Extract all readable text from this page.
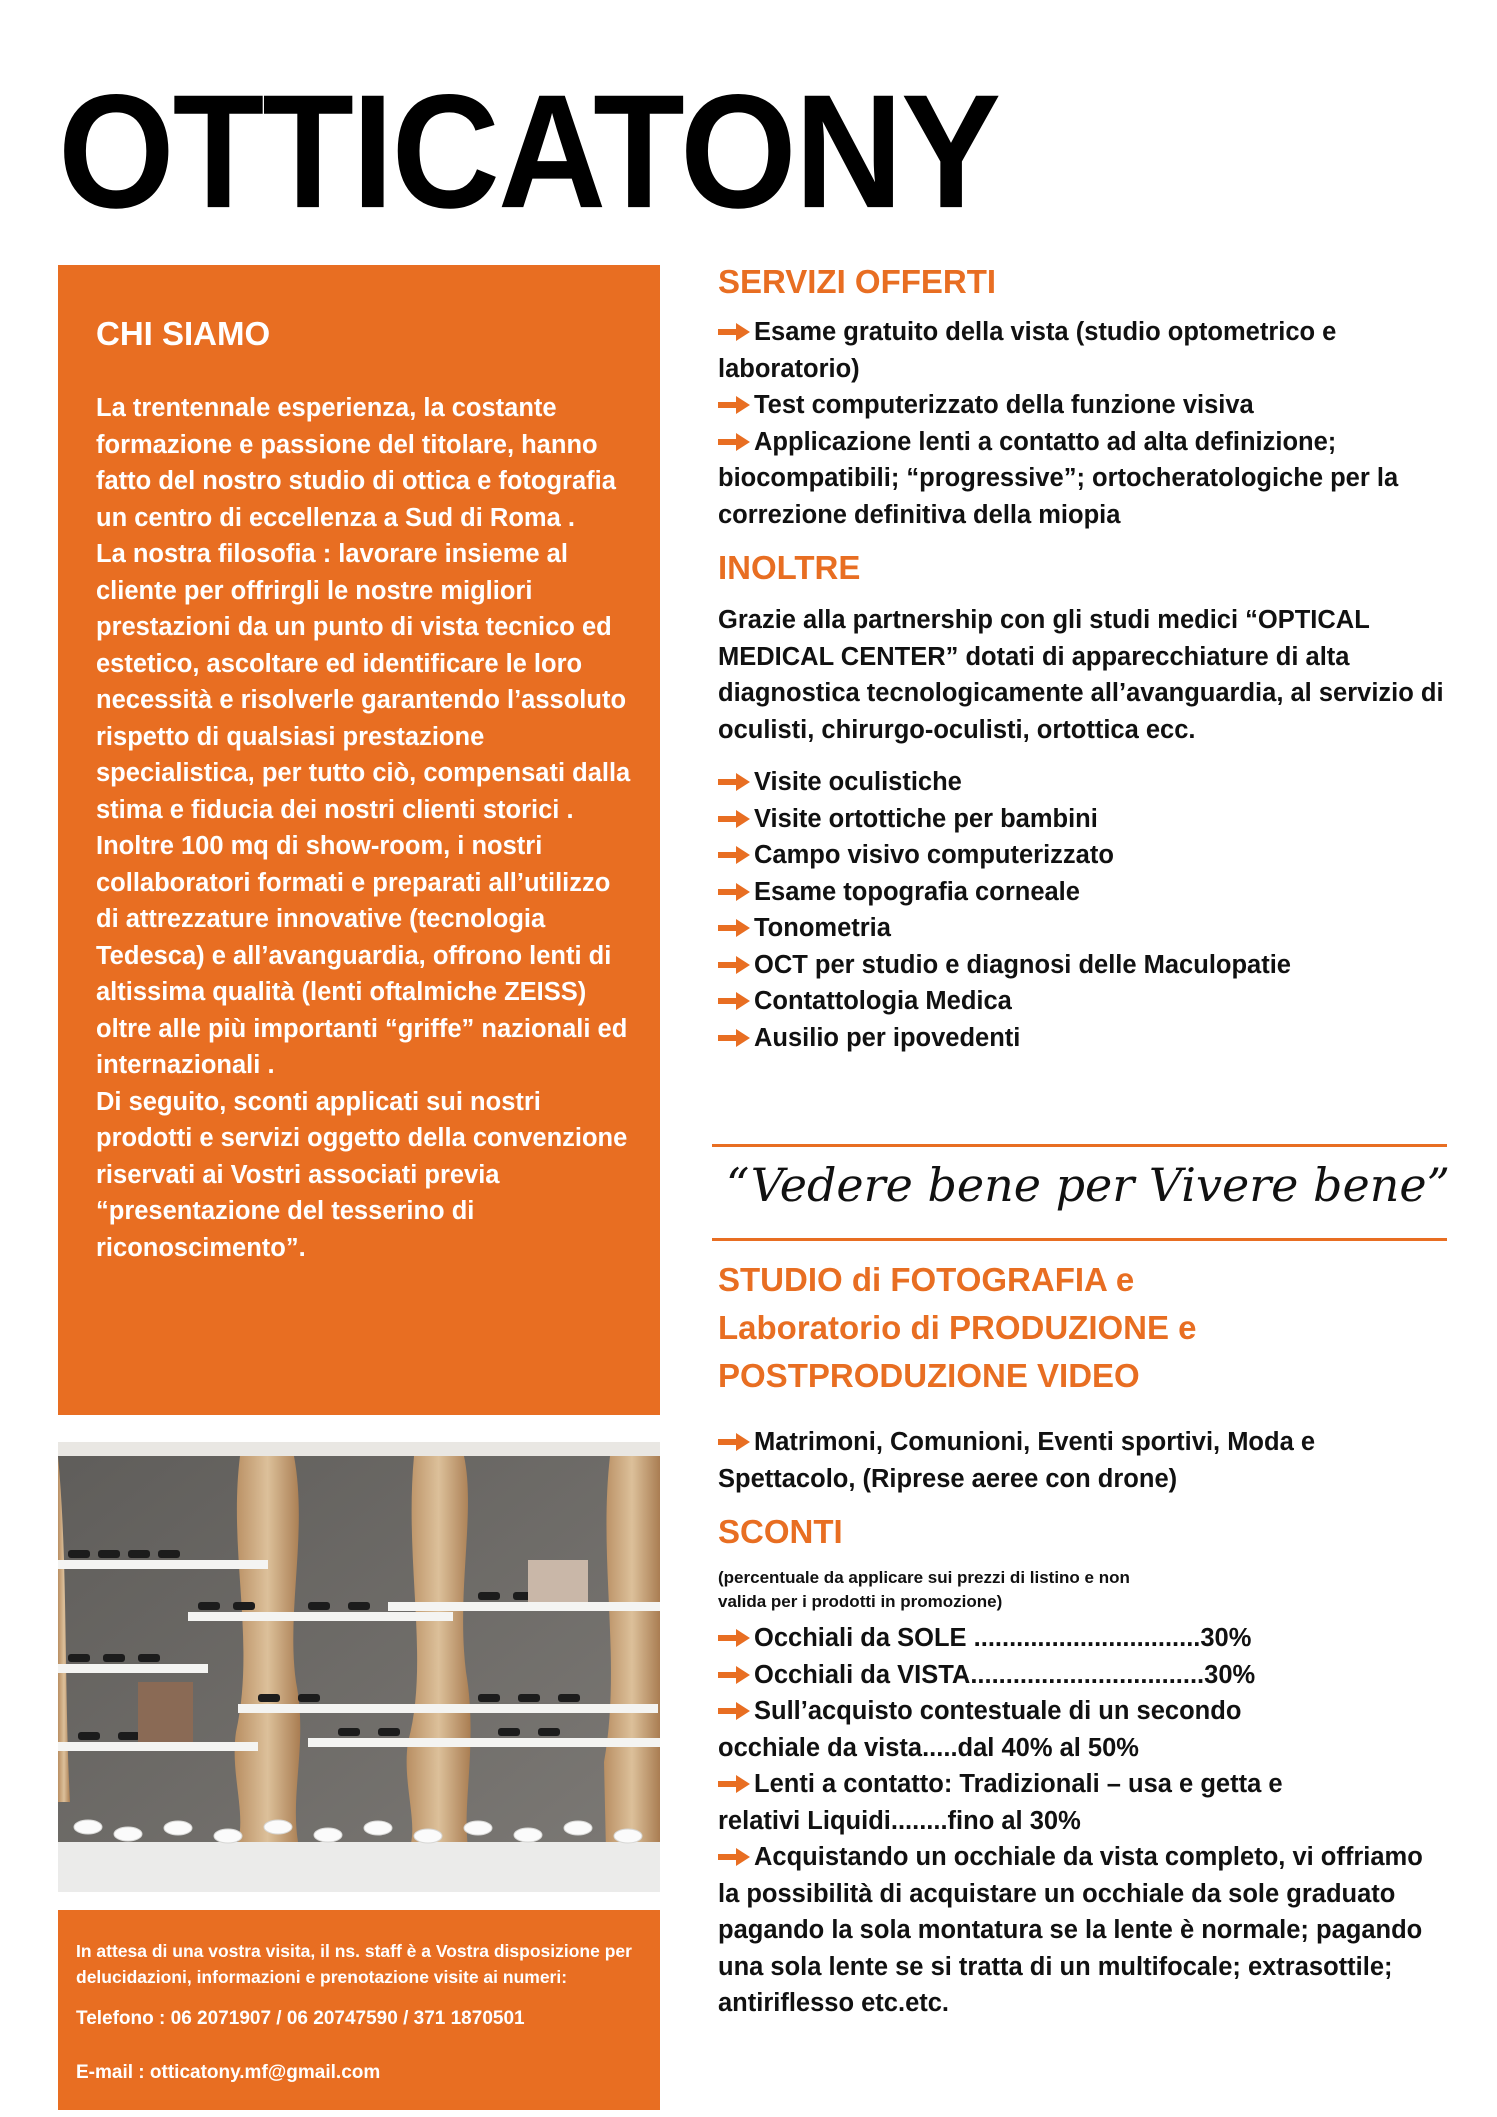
OTTICATONY
CHI SIAMO

La trentennale esperienza, la costante formazione e passione del titolare, hanno fatto del nostro studio di ottica e fotografia un centro di eccellenza a Sud di Roma .

La nostra filosofia : lavorare insieme al cliente per offrirgli le nostre migliori prestazioni da un punto di vista tecnico ed estetico, ascoltare ed identificare le loro necessità e risolverle garantendo l’assoluto rispetto di qualsiasi prestazione specialistica, per tutto ciò, compensati dalla stima e fiducia dei nostri clienti storici .

Inoltre 100 mq di show-room, i nostri collaboratori formati e preparati all’utilizzo di attrezzature innovative (tecnologia Tedesca) e all’avanguardia, offrono lenti di altissima qualità (lenti oftalmiche ZEISS) oltre alle più importanti “griffe” nazionali ed internazionali .

Di seguito, sconti applicati sui nostri prodotti e servizi oggetto della convenzione riservati ai Vostri associati previa “presentazione del tesserino di riconoscimento”.

In attesa di una vostra visita, il ns. staff è a Vostra disposizione per delucidazioni, informazioni e prenotazione visite ai numeri:
Telefono : 06 2071907 / 06 20747590 / 371 1870501
E-mail : otticatony.mf@gmail.com
SERVIZI OFFERTI

Esame gratuito della vista (studio optometrico e laboratorio)

Test computerizzato della funzione visiva

Applicazione lenti a contatto ad alta definizione; biocompatibili; “progressive”; ortocheratologiche per la correzione definitiva della miopia

INOLTRE

Grazie alla partnership con gli studi medici “OPTICAL MEDICAL CENTER” dotati di apparecchiature di alta diagnostica tecnologicamente all’avanguardia, al servizio di oculisti, chirurgo-oculisti, ortottica ecc.

Visite oculistiche

Visite ortottiche per bambini

Campo visivo computerizzato

Esame topografia corneale

Tonometria

OCT per studio e diagnosi delle Maculopatie

Contattologia Medica

Ausilio per ipovedenti

“Vedere bene per Vivere bene”

STUDIO di FOTOGRAFIA e

Laboratorio di PRODUZIONE e

POSTPRODUZIONE VIDEO

Matrimoni, Comunioni, Eventi sportivi, Moda e Spettacolo, (Riprese aeree con drone)

SCONTI

(percentuale da applicare sui prezzi di listino e non valida per i prodotti in promozione)

Occhiali da SOLE ................................30%

Occhiali da VISTA.................................30%

Sull’acquisto contestuale di un secondo occhiale da vista.....dal 40% al 50%

Lenti a contatto: Tradizionali – usa e getta e relativi Liquidi........fino al 30%

Acquistando un occhiale da vista completo, vi offriamo la possibilità di acquistare un occhiale da sole graduato pagando la sola montatura se la lente è normale; pagando una sola lente se si tratta di un multifocale; extrasottile; antiriflesso etc.etc.
